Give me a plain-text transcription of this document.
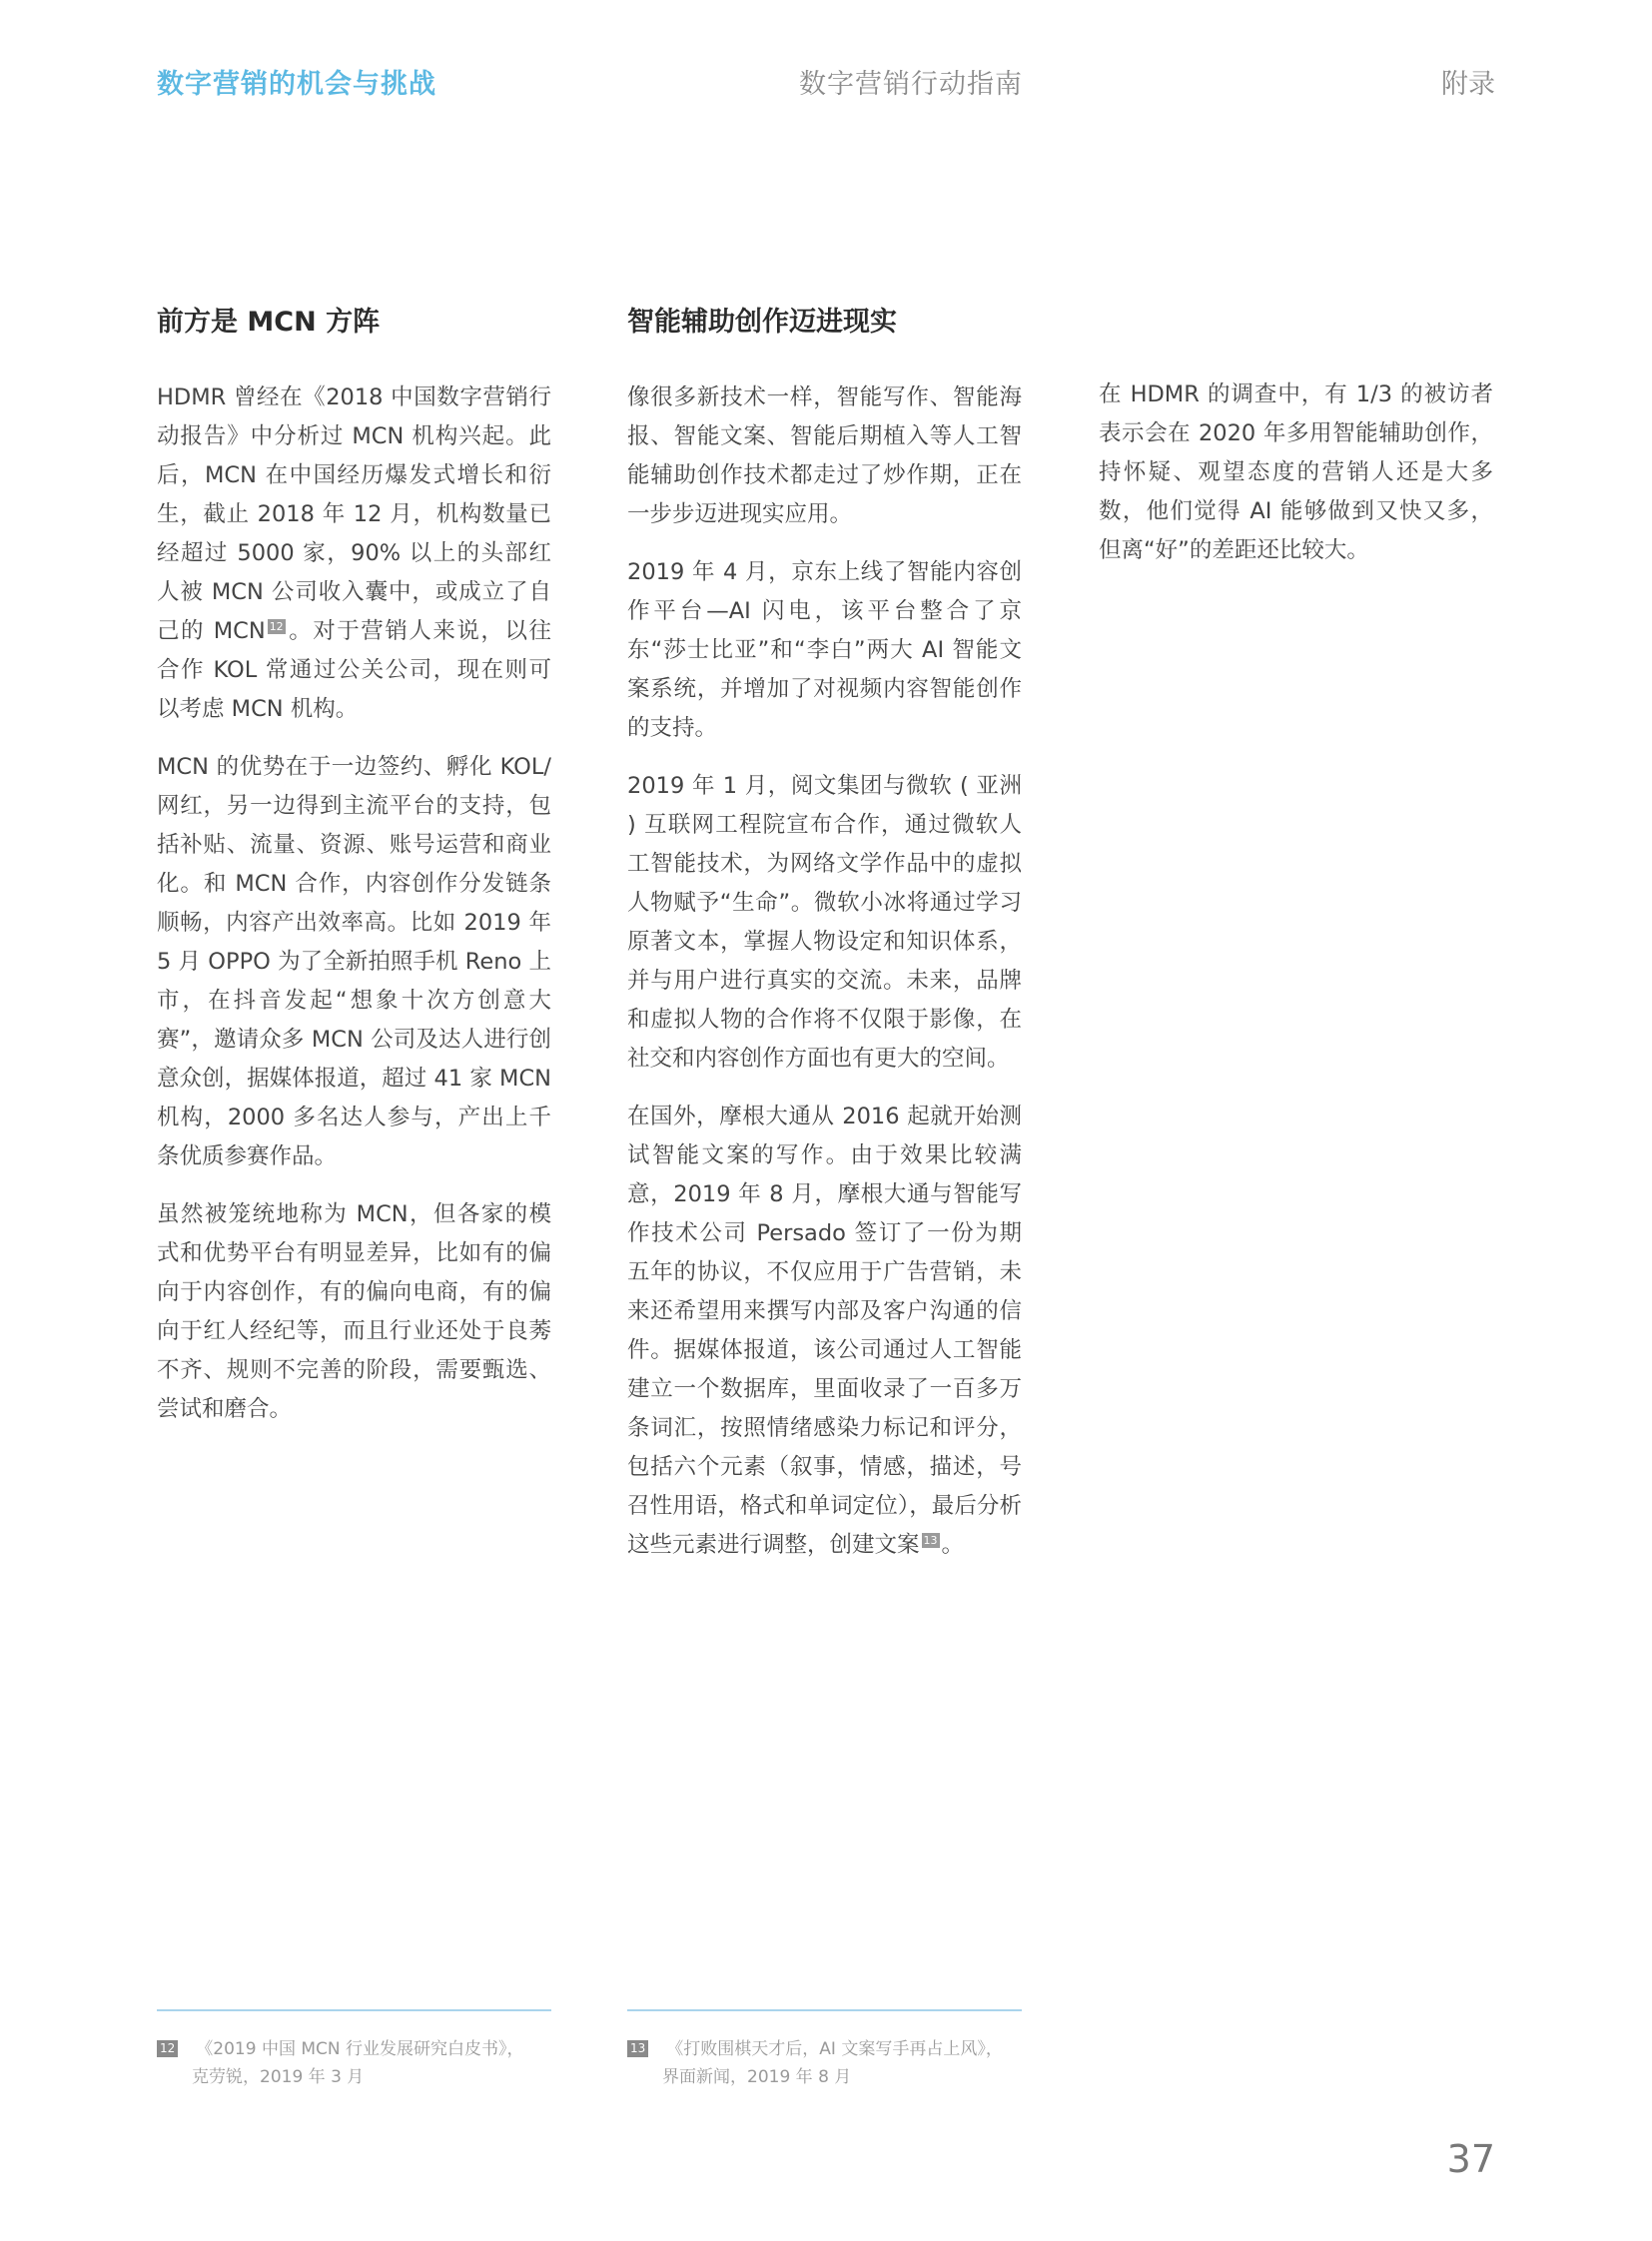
数字营销的机会与挑战	数字营销行动指南	附录
前方是 MCN 方阵

HDMR 曾经在《2018 中国数字营销行动报告》中分析过 MCN 机构兴起。此后，MCN 在中国经历爆发式增长和衍生，截止 2018 年 12 月，机构数量已经超过 5000 家，90% 以上的头部红人被 MCN 公司收入囊中，或成立了自己的 MCN 12 。对于营销人来说，以往合作 KOL 常通过公关公司，现在则可以考虑 MCN 机构。

MCN 的优势在于一边签约、孵化 KOL/ 网红，另一边得到主流平台的支持，包括补贴、流量、资源、账号运营和商业化。和 MCN 合作，内容创作分发链条顺畅，内容产出效率高。比如 2019 年 5 月 OPPO 为了全新拍照手机 Reno 上市，在抖音发起“想象十次方创意大赛”，邀请众多 MCN 公司及达人进行创意众创，据媒体报道，超过 41 家 MCN 机构，2000 多名达人参与，产出上千条优质参赛作品。

虽然被笼统地称为 MCN，但各家的模式和优势平台有明显差异，比如有的偏向于内容创作，有的偏向电商，有的偏向于红人经纪等，而且行业还处于良莠不齐、规则不完善的阶段，需要甄选、尝试和磨合。

智能辅助创作迈进现实

像很多新技术一样，智能写作、智能海报、智能文案、智能后期植入等人工智能辅助创作技术都走过了炒作期，正在一步步迈进现实应用。

2019 年 4 月，京东上线了智能内容创作平台—AI 闪电，该平台整合了京东“莎士比亚”和“李白”两大 AI 智能文案系统，并增加了对视频内容智能创作的支持。

2019 年 1 月，阅文集团与微软 ( 亚洲 ) 互联网工程院宣布合作，通过微软人工智能技术，为网络文学作品中的虚拟人物赋予“生命”。微软小冰将通过学习原著文本，掌握人物设定和知识体系，并与用户进行真实的交流。未来，品牌和虚拟人物的合作将不仅限于影像，在社交和内容创作方面也有更大的空间。

在国外，摩根大通从 2016 起就开始测试智能文案的写作。由于效果比较满意，2019 年 8 月，摩根大通与智能写作技术公司 Persado 签订了一份为期五年的协议，不仅应用于广告营销，未来还希望用来撰写内部及客户沟通的信件。据媒体报道，该公司通过人工智能建立一个数据库，里面收录了一百多万条词汇，按照情绪感染力标记和评分，包括六个元素（叙事，情感，描述，号召性用语，格式和单词定位），最后分析这些元素进行调整，创建文案 13 。

在 HDMR 的调查中，有 1/3 的被访者表示会在 2020 年多用智能辅助创作，持怀疑、观望态度的营销人还是大多数，他们觉得 AI 能够做到又快又多，但离“好”的差距还比较大。

12 《2019 中国 MCN 行业发展研究白皮书》，
克劳锐，2019 年 3 月
13 《打败围棋天才后，AI 文案写手再占上风》，
界面新闻，2019 年 8 月
37
